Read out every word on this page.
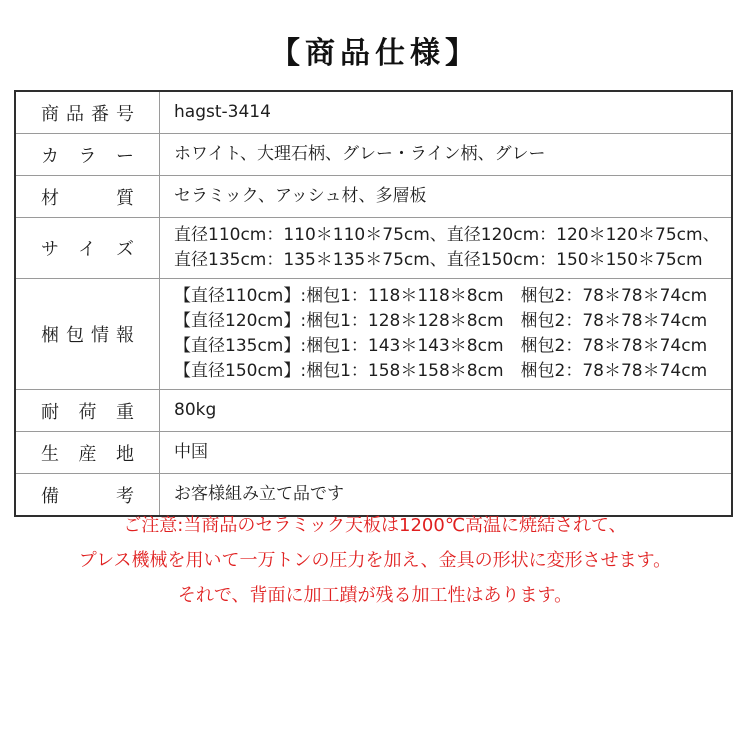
【商品仕様】
商品番号 hagst-3414
カラー ホワイト、大理石柄、グレー・ライン柄、グレー
材質 セラミック、アッシュ材、多層板
サイズ
直径110cm：110＊110＊75cm、直径120cm：120＊120＊75cm、
直径135cm：135＊135＊75cm、直径150cm：150＊150＊75cm
梱包情報
【直径110cm】:梱包1：118＊118＊8cm　梱包2：78＊78＊74cm
【直径120cm】:梱包1：128＊128＊8cm　梱包2：78＊78＊74cm
【直径135cm】:梱包1：143＊143＊8cm　梱包2：78＊78＊74cm
【直径150cm】:梱包1：158＊158＊8cm　梱包2：78＊78＊74cm
耐荷重 80kg
生産地 中国
備考 お客様組み立て品です

ご注意:当商品のセラミック天板は1200℃高温に焼結されて、

プレス機械を用いて一万トンの圧力を加え、金具の形状に変形させます。

それで、背面に加工蹟が残る加工性はあります。
